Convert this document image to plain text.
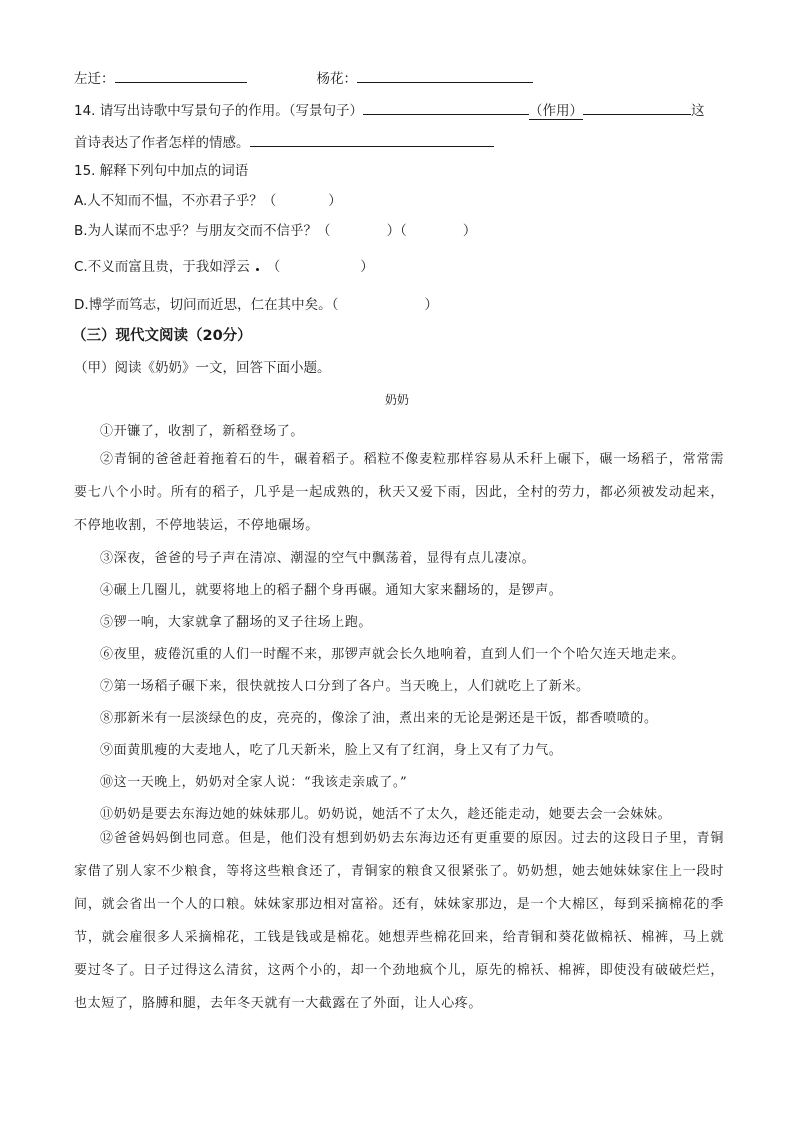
左迁：	杨花：
14. 请写出诗歌中写景句子的作用。（写景句子）	（作用）	这
首诗表达了作者怎样的情感。
15. 解释下列句中加点的词语
A.人不知而不愠，不亦君子乎？（	）
B.为人谋而不忠乎？与朋友交而不信乎？（	）（	）
C.不义而富且贵，于我如浮云 （	）
D.博学而笃志，切问而近思，仁在其中矣。（	）
（三）现代文阅读（20分）
（甲）阅读《奶奶》一文，回答下面小题。
奶奶

①开镰了，收割了，新稻登场了。

②青铜的爸爸赶着拖着石的牛，碾着稻子。稻粒不像麦粒那样容易从禾秆上碾下，碾一场稻子，常常需要七八个小时。所有的稻子，几乎是一起成熟的，秋天又爱下雨，因此，全村的劳力，都必须被发动起来，不停地收割，不停地装运，不停地碾场。

③深夜，爸爸的号子声在清凉、潮湿的空气中飘荡着，显得有点儿凄凉。

④碾上几圈儿，就要将地上的稻子翻个身再碾。通知大家来翻场的，是锣声。

⑤锣一响，大家就拿了翻场的叉子往场上跑。

⑥夜里，疲倦沉重的人们一时醒不来，那锣声就会长久地响着，直到人们一个个哈欠连天地走来。

⑦第一场稻子碾下来，很快就按人口分到了各户。当天晚上，人们就吃上了新米。

⑧那新米有一层淡绿色的皮，亮亮的，像涂了油，煮出来的无论是粥还是干饭，都香喷喷的。

⑨面黄肌瘦的大麦地人，吃了几天新米，脸上又有了红润，身上又有了力气。

⑩这一天晚上，奶奶对全家人说：“我该走亲戚了。”

⑪奶奶是要去东海边她的妹妹那儿。奶奶说，她活不了太久，趁还能走动，她要去会一会妹妹。

⑫爸爸妈妈倒也同意。但是，他们没有想到奶奶去东海边还有更重要的原因。过去的这段日子里，青铜家借了别人家不少粮食，等将这些粮食还了，青铜家的粮食又很紧张了。奶奶想，她去她妹妹家住上一段时间，就会省出一个人的口粮。妹妹家那边相对富裕。还有，妹妹家那边，是一个大棉区，每到采摘棉花的季节，就会雇很多人采摘棉花，工钱是钱或是棉花。她想弄些棉花回来，给青铜和葵花做棉袄、棉裤，马上就要过冬了。日子过得这么清贫，这两个小的，却一个劲地疯个儿，原先的棉袄、棉裤，即使没有破破烂烂，也太短了，胳膊和腿，去年冬天就有一大截露在了外面，让人心疼。
